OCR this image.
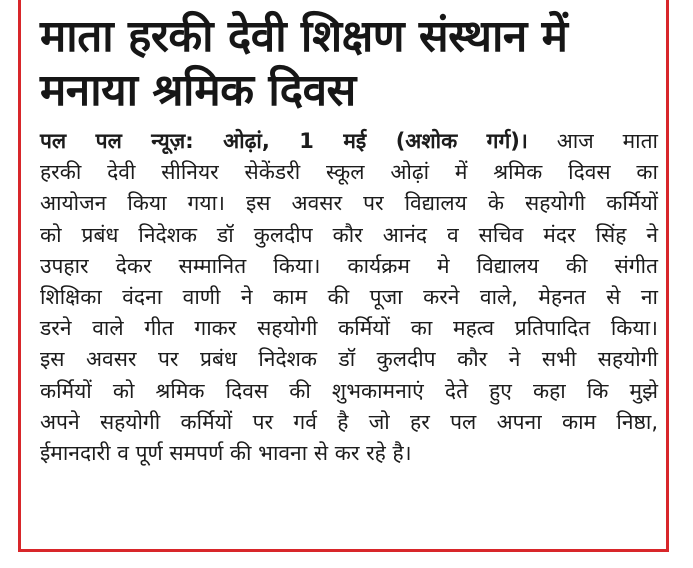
माता हरकी देवी शिक्षण संस्थान में
मनाया श्रमिक दिवस
पल पल न्यूज़: ओढ़ां, 1 मई (अशोक गर्ग)। आज माता
हरकी देवी सीनियर सेकेंडरी स्कूल ओढ़ां में श्रमिक दिवस का
आयोजन किया गया। इस अवसर पर विद्यालय के सहयोगी कर्मियों
को प्रबंध निदेशक डॉ कुलदीप कौर आनंद व सचिव मंदर सिंह ने
उपहार देकर सम्मानित किया। कार्यक्रम मे विद्यालय की संगीत
शिक्षिका वंदना वाणी ने काम की पूजा करने वाले, मेहनत से ना
डरने वाले गीत गाकर सहयोगी कर्मियों का महत्व प्रतिपादित किया।
इस अवसर पर प्रबंध निदेशक डॉ कुलदीप कौर ने सभी सहयोगी
कर्मियों को श्रमिक दिवस की शुभकामनाएं देते हुए कहा कि मुझे
अपने सहयोगी कर्मियों पर गर्व है जो हर पल अपना काम निष्ठा,
ईमानदारी व पूर्ण समपर्ण की भावना से कर रहे है।
